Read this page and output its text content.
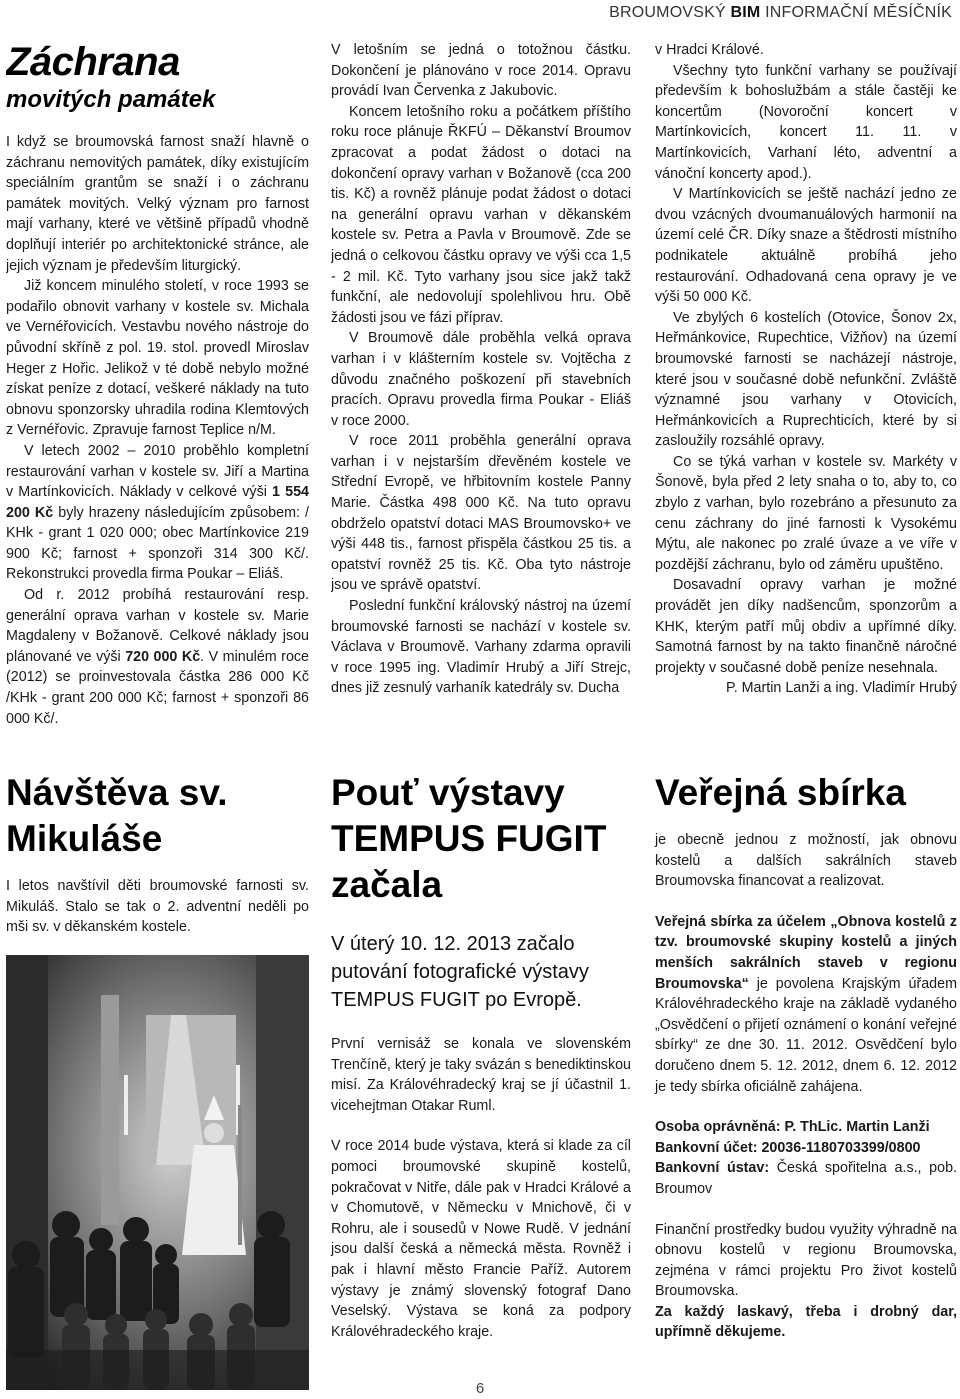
BROUMOVSKÝ BIM INFORMAČNÍ MĚSÍČNÍK
Záchrana
movitých památek

I když se broumovská farnost snaží hlavně o záchranu nemovitých památek, díky existujícím speciálním grantům se snaží i o záchranu památek movitých. Velký význam pro farnost mají varhany, které ve většině případů vhodně doplňují interiér po architektonické stránce, ale jejich význam je především liturgický.

Již koncem minulého století, v roce 1993 se podařilo obnovit varhany v kostele sv. Michala ve Vernéřovicích. Vestavbu nového nástroje do původní skříně z pol. 19. stol. provedl Miroslav Heger z Hořic. Jelikož v té době nebylo možné získat peníze z dotací, veškeré náklady na tuto obnovu sponzorsky uhradila rodina Klemtových z Vernéřovic. Zpravuje farnost Teplice n/M.

V letech 2002 – 2010 proběhlo kompletní restaurování varhan v kostele sv. Jiří a Martina v Martínkovicích. Náklady v celkové výši 1 554 200 Kč byly hrazeny následujícím způsobem: / KHk - grant 1 020 000; obec Martínkovice 219 900 Kč; farnost + sponzoři 314 300 Kč/. Rekonstrukci provedla firma Poukar – Eliáš.

Od r. 2012 probíhá restaurování resp. generální oprava varhan v kostele sv. Marie Magdaleny v Božanově. Celkové náklady jsou plánované ve výši 720 000 Kč. V minulém roce (2012) se proinvestovala částka 286 000 Kč /KHk - grant 200 000 Kč; farnost + sponzoři 86 000 Kč/.

V letošním se jedná o totožnou částku. Dokončení je plánováno v roce 2014. Opravu provádí Ivan Červenka z Jakubovic.

Koncem letošního roku a počátkem příštího roku roce plánuje ŘKFÚ – Děkanství Broumov zpracovat a podat žádost o dotaci na dokončení opravy varhan v Božanově (cca 200 tis. Kč) a rovněž plánuje podat žádost o dotaci na generální opravu varhan v děkanském kostele sv. Petra a Pavla v Broumově. Zde se jedná o celkovou částku opravy ve výši cca 1,5 - 2 mil. Kč. Tyto varhany jsou sice jakž takž funkční, ale nedovolují spolehlivou hru. Obě žádosti jsou ve fázi příprav.

V Broumově dále proběhla velká oprava varhan i v klášterním kostele sv. Vojtěcha z důvodu značného poškození při stavebních pracích. Opravu provedla firma Poukar - Eliáš v roce 2000.

V roce 2011 proběhla generální oprava varhan i v nejstarším dřevěném kostele ve Střední Evropě, ve hřbitovním kostele Panny Marie. Částka 498 000 Kč. Na tuto opravu obdrželo opatství dotaci MAS Broumovsko+ ve výši 448 tis., farnost přispěla částkou 25 tis. a opatství rovněž 25 tis. Kč. Oba tyto nástroje jsou ve správě opatství.

Poslední funkční královský nástroj na území broumovské farnosti se nachází v kostele sv. Václava v Broumově. Varhany zdarma opravili v roce 1995 ing. Vladimír Hrubý a Jiří Strejc, dnes již zesnulý varhaník katedrály sv. Ducha

v Hradci Králové.

Všechny tyto funkční varhany se používají především k bohoslužbám a stále častěji ke koncertům (Novoroční koncert v Martínkovicích, koncert 11. 11. v Martínkovicích, Varhaní léto, adventní a vánoční koncerty apod.).

V Martínkovicích se ještě nachází jedno ze dvou vzácných dvoumanuálových harmonií na území celé ČR. Díky snaze a štědrosti místního podnikatele aktuálně probíhá jeho restaurování. Odhadovaná cena opravy je ve výši 50 000 Kč.

Ve zbylých 6 kostelích (Otovice, Šonov 2x, Heřmánkovice, Rupechtice, Vižňov) na území broumovské farnosti se nacházejí nástroje, které jsou v současné době nefunkční. Zvláště významné jsou varhany v Otovicích, Heřmánkovicích a Ruprechticích, které by si zasloužily rozsáhlé opravy.

Co se týká varhan v kostele sv. Markéty v Šonově, byla před 2 lety snaha o to, aby to, co zbylo z varhan, bylo rozebráno a přesunuto za cenu záchrany do jiné farnosti k Vysokému Mýtu, ale nakonec po zralé úvaze a ve víře v pozdější záchranu, bylo od záměru upuštěno.

Dosavadní opravy varhan je možné provádět jen díky nadšencům, sponzorům a KHK, kterým patří můj obdiv a upřímné díky. Samotná farnost by na takto finančně náročné projekty v současné době peníze nesehnala.

P. Martin Lanži a ing. Vladimír Hrubý

Návštěva sv.
Mikuláše
I letos navštívil děti broumovské farnosti sv. Mikuláš. Stalo se tak o 2. adventní neděli po mši sv. v děkanském kostele.
Pouť výstavy
TEMPUS FUGIT
začala
V úterý 10. 12. 2013 začalo putování fotografické výstavy TEMPUS FUGIT po Evropě.
První vernisáž se konala ve slovenském Trenčíně, který je taky svázán s benediktinskou misí. Za Královéhradecký kraj se jí účastnil 1. vicehejtman Otakar Ruml.
V roce 2014 bude výstava, která si klade za cíl pomoci broumovské skupině kostelů, pokračovat v Nitře, dále pak v Hradci Králové a v Chomutově, v Německu v Mnichově, či v Rohru, ale i sousedů v Nowe Rudě. V jednání jsou další česká a německá města. Rovněž i pak i hlavní město Francie Paříž. Autorem výstavy je známý slovenský fotograf Dano Veselský. Výstava se koná za podpory Královéhradeckého kraje.
Veřejná sbírka
je obecně jednou z možností, jak obnovu kostelů a dalších sakrálních staveb Broumovska financovat a realizovat.
Veřejná sbírka za účelem „Obnova kostelů z tzv. broumovské skupiny kostelů a jiných menších sakrálních staveb v regionu Broumovska“ je povolena Krajským úřadem Královéhradeckého kraje na základě vydaného „Osvědčení o přijetí oznámení o konání veřejné sbírky“ ze dne 30. 11. 2012. Osvědčení bylo doručeno dnem 5. 12. 2012, dnem 6. 12. 2012 je tedy sbírka oficiálně zahájena.
Osoba oprávněná: P. ThLic. Martin Lanži
Bankovní účet: 20036-1180703399/0800
Bankovní ústav: Česká spořitelna a.s., pob. Broumov
Finanční prostředky budou využity výhradně na obnovu kostelů v regionu Broumovska, zejména v rámci projektu Pro život kostelů Broumovska.
Za každý laskavý, třeba i drobný dar, upřímně děkujeme.
6
